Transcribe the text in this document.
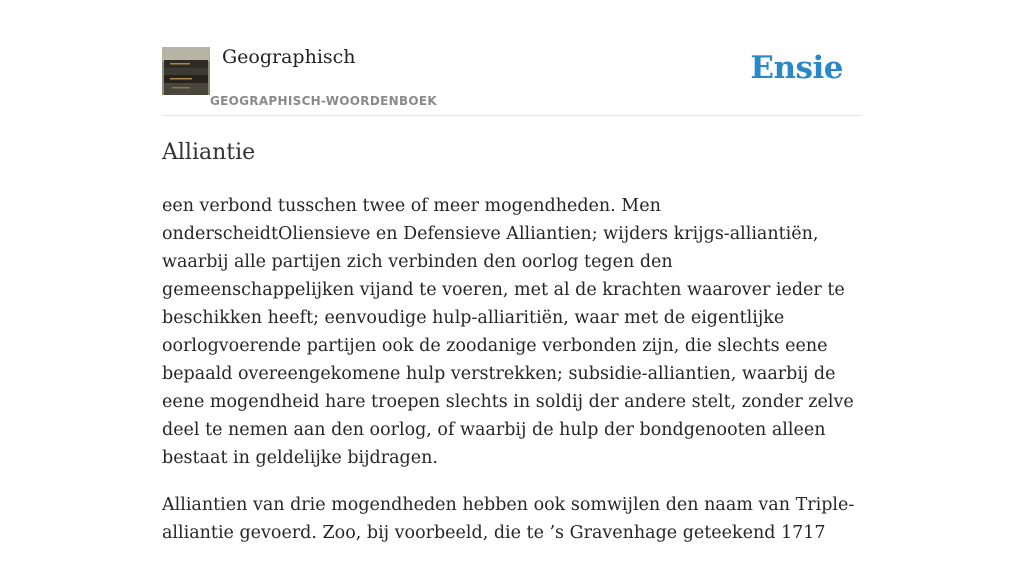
Geographisch
GEOGRAPHISCH-WOORDENBOEK
Ensie
Alliantie

een verbond tusschen twee of meer mogendheden. Men onderscheidtOliensieve en Defensieve Alliantien; wijders krijgs-alliantiën, waarbij alle partijen zich verbinden den oorlog tegen den gemeenschappelijken vijand te voeren, met al de krachten waarover ieder te beschikken heeft; eenvoudige hulp-alliaritiën, waar met de eigentlijke oorlogvoerende partijen ook de zoodanige verbonden zijn, die slechts eene bepaald overeengekomene hulp verstrekken; subsidie-alliantien, waarbij de eene mogendheid hare troepen slechts in soldij der andere stelt, zonder zelve deel te nemen aan den oorlog, of waarbij de hulp der bondgenooten alleen bestaat in geldelijke bijdragen.

Alliantien van drie mogendheden hebben ook somwijlen den naam van Triple-alliantie gevoerd. Zoo, bij voorbeeld, die te ’s Gravenhage geteekend 1717
